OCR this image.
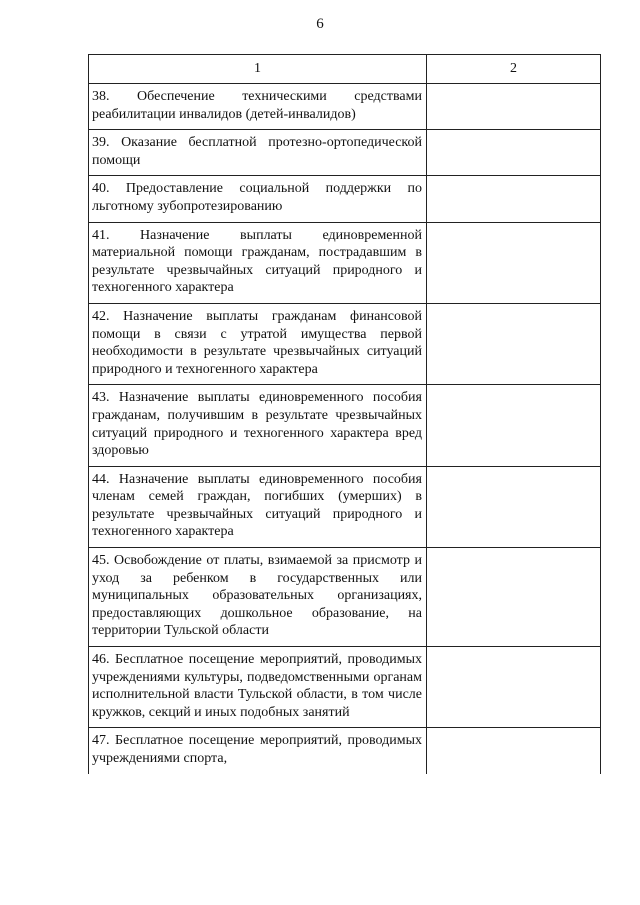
6
1	2
38. Обеспечение техническими средствами реабилитации инвалидов (детей-инвалидов)	
39. Оказание бесплатной протезно-ортопедической помощи	
40. Предоставление социальной поддержки по льготному зубопротезированию	
41. Назначение выплаты единовременной материальной помощи гражданам, пострадавшим в результате чрезвычайных ситуаций природного и техногенного характера	
42. Назначение выплаты гражданам финансовой помощи в связи с утратой имущества первой необходимости в результате чрезвычайных ситуаций природного и техногенного характера	
43. Назначение выплаты единовременного пособия гражданам, получившим в результате чрезвычайных ситуаций природного и техногенного характера вред здоровью	
44. Назначение выплаты единовременного пособия членам семей граждан, погибших (умерших) в результате чрезвычайных ситуаций природного и техногенного характера	
45. Освобождение от платы, взимаемой за присмотр и уход за ребенком в государственных или муниципальных образовательных организациях, предоставляющих дошкольное образование, на территории Тульской области	
46. Бесплатное посещение мероприятий, проводимых учреждениями культуры, подведомственными органам исполнительной власти Тульской области, в том числе кружков, секций и иных подобных занятий	
47. Бесплатное посещение мероприятий, проводимых учреждениями спорта,	
